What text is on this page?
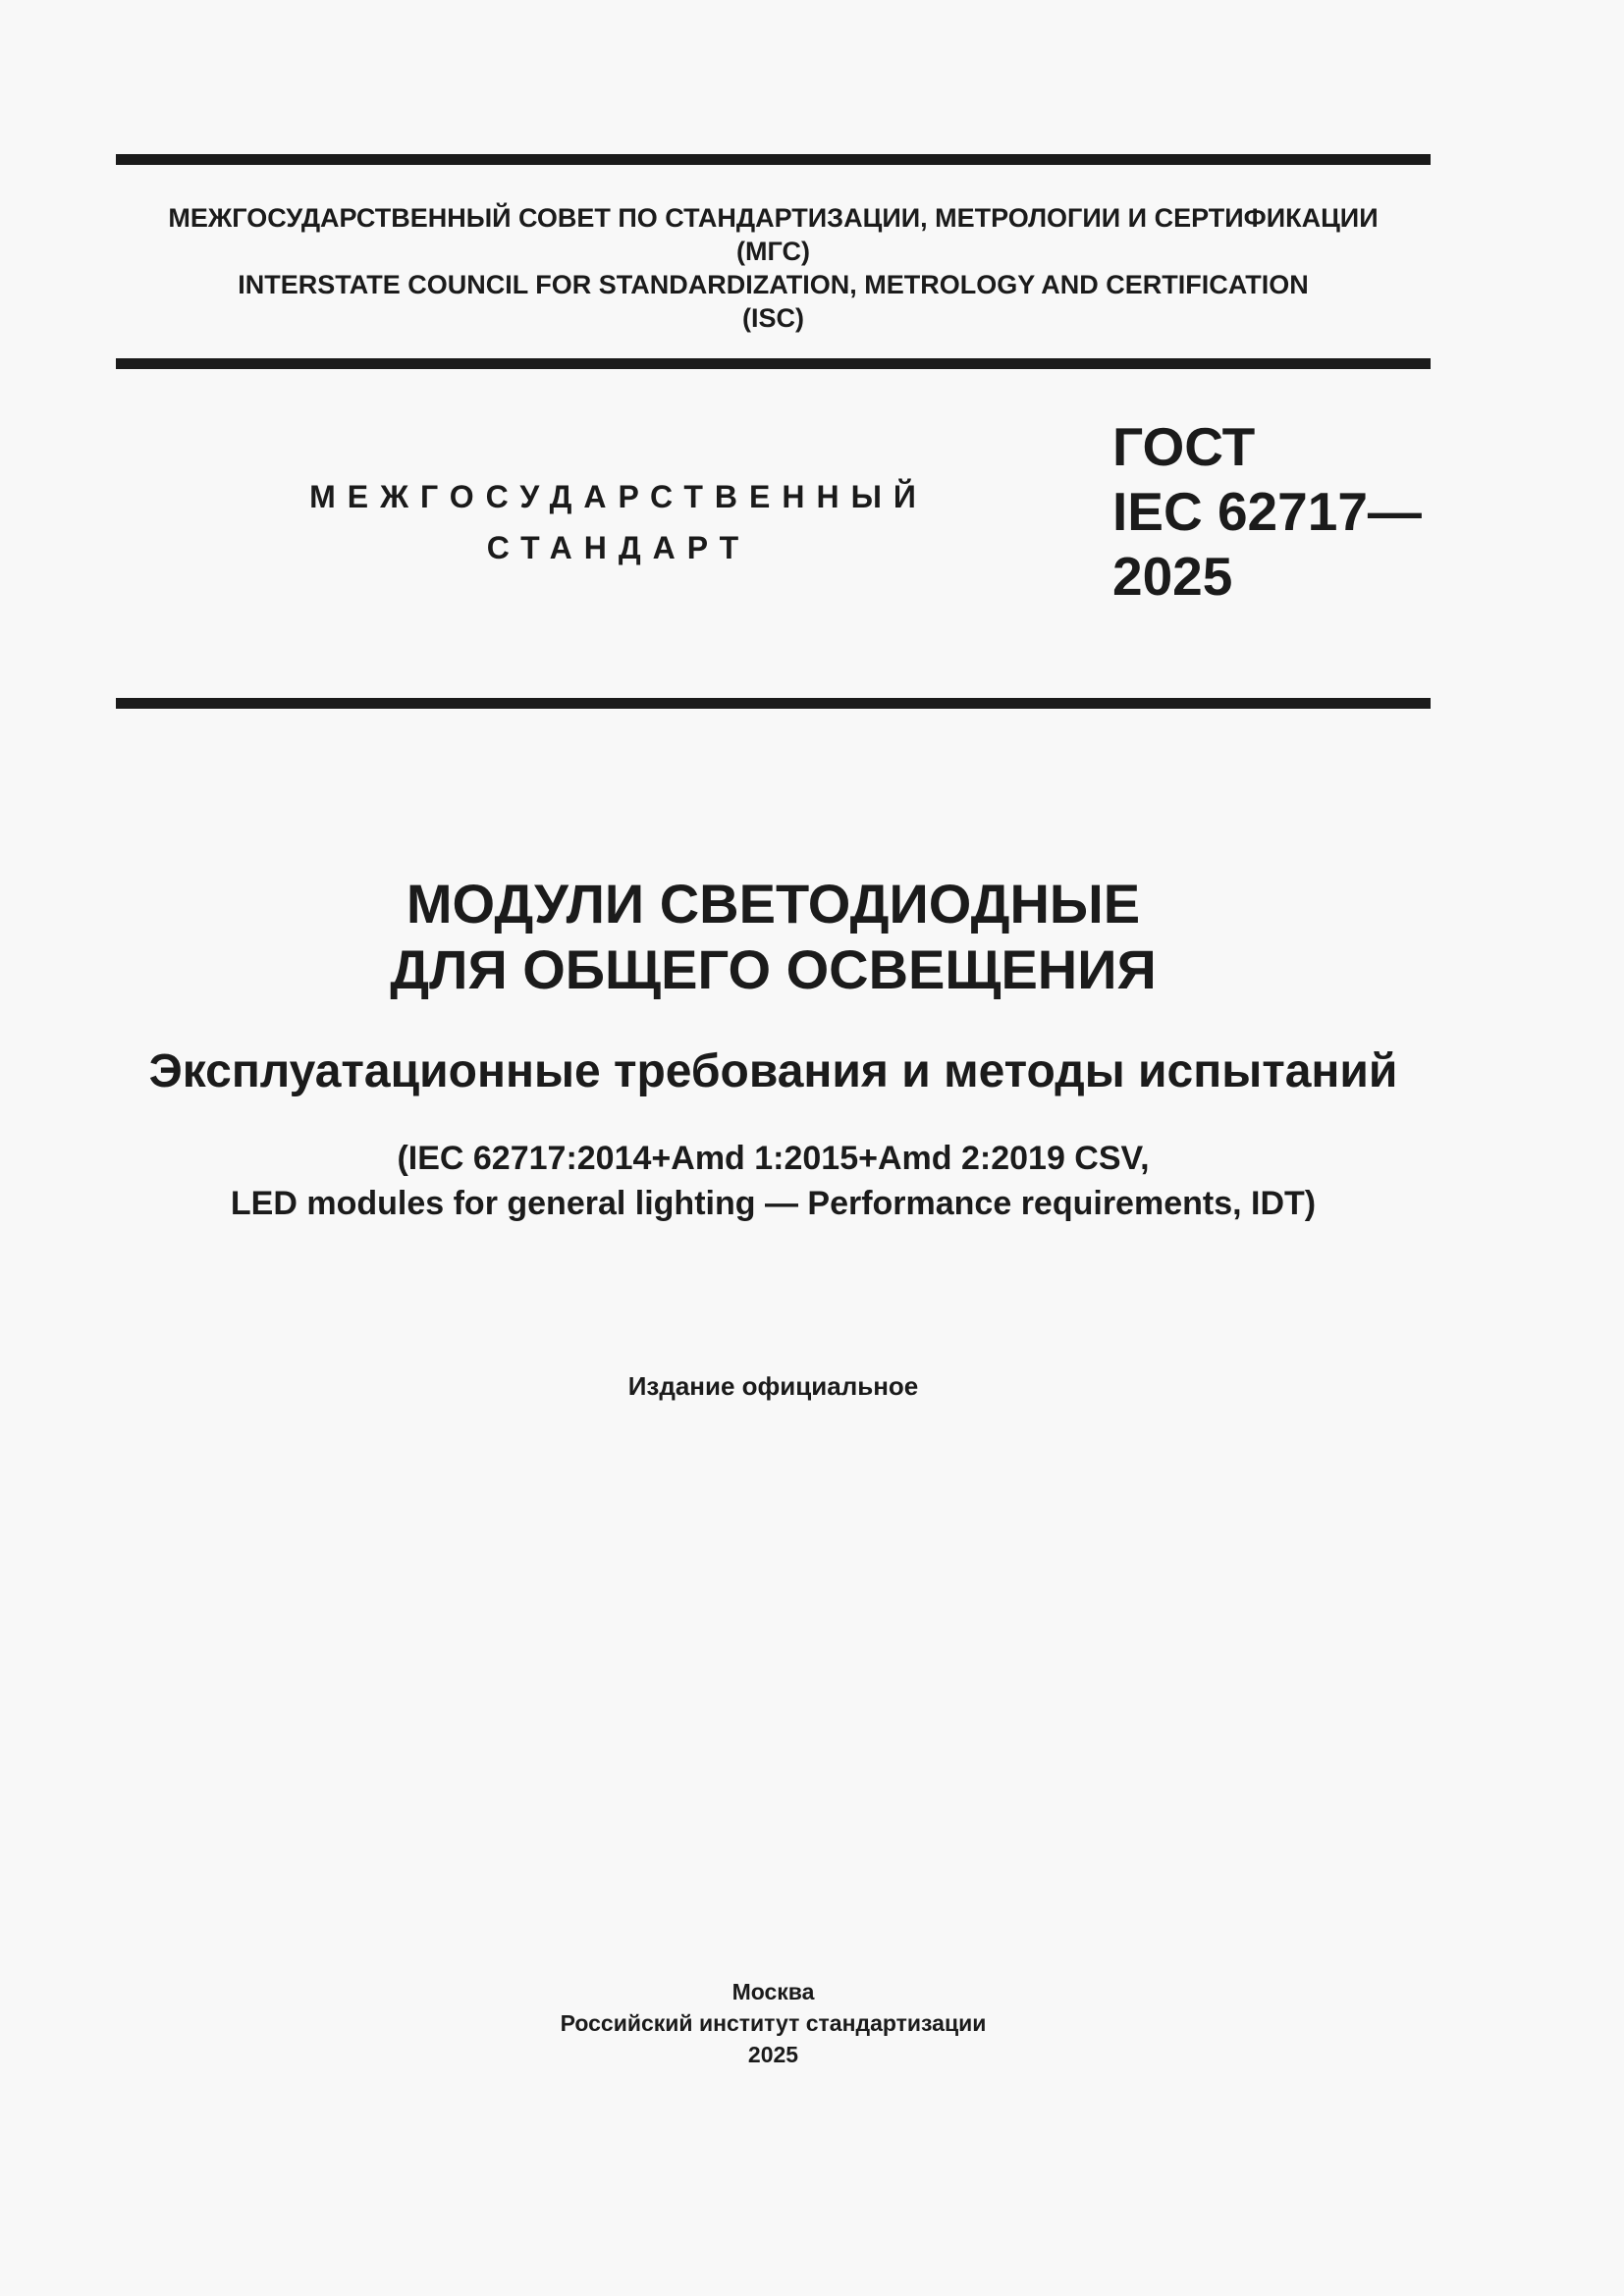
МЕЖГОСУДАРСТВЕННЫЙ СОВЕТ ПО СТАНДАРТИЗАЦИИ, МЕТРОЛОГИИ И СЕРТИФИКАЦИИ
(МГС)
INTERSTATE COUNCIL FOR STANDARDIZATION, METROLOGY AND CERTIFICATION
(ISC)
МЕЖГОСУДАРСТВЕННЫЙ
СТАНДАРТ
ГОСТ
IEC 62717—
2025
МОДУЛИ СВЕТОДИОДНЫЕ
ДЛЯ ОБЩЕГО ОСВЕЩЕНИЯ
Эксплуатационные требования и методы испытаний
(IEC 62717:2014+Amd 1:2015+Amd 2:2019 CSV,
LED modules for general lighting — Performance requirements, IDT)
Издание официальное
Москва
Российский институт стандартизации
2025
